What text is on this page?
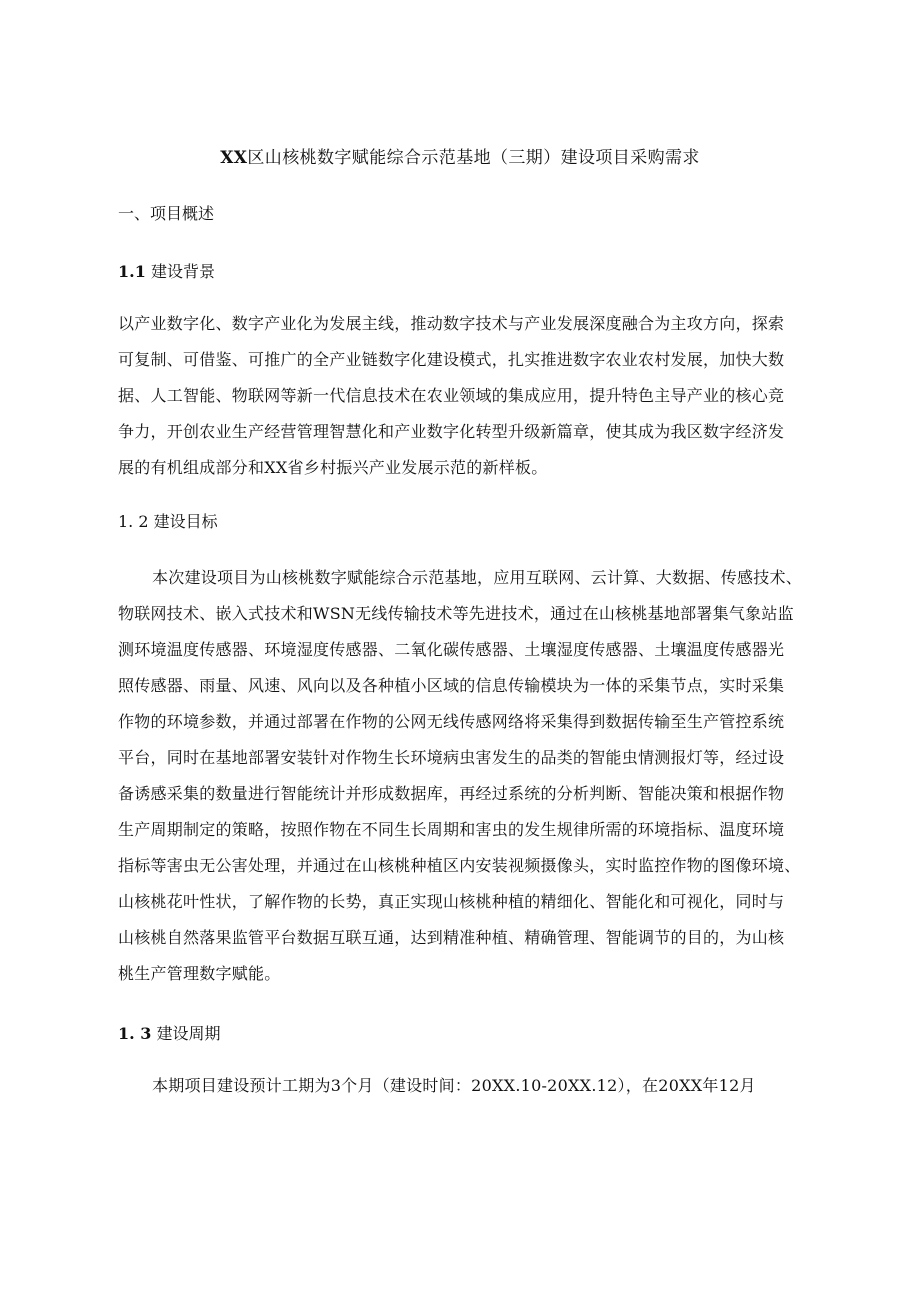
XX区山核桃数字赋能综合示范基地（三期）建设项目采购需求
一、项目概述
1.1 建设背景
以产业数字化、数字产业化为发展主线，推动数字技术与产业发展深度融合为主攻方向，探索
可复制、可借鉴、可推广的全产业链数字化建设模式，扎实推进数字农业农村发展，加快大数
据、人工智能、物联网等新一代信息技术在农业领域的集成应用，提升特色主导产业的核心竞
争力，开创农业生产经营管理智慧化和产业数字化转型升级新篇章，使其成为我区数字经济发
展的有机组成部分和XX省乡村振兴产业发展示范的新样板。
1. 2 建设目标
本次建设项目为山核桃数字赋能综合示范基地，应用互联网、云计算、大数据、传感技术、
物联网技术、嵌入式技术和WSN无线传输技术等先进技术，通过在山核桃基地部署集气象站监
测环境温度传感器、环境湿度传感器、二氧化碳传感器、土壤湿度传感器、土壤温度传感器光
照传感器、雨量、风速、风向以及各种植小区域的信息传输模块为一体的采集节点，实时采集
作物的环境参数，并通过部署在作物的公网无线传感网络将采集得到数据传输至生产管控系统
平台，同时在基地部署安装针对作物生长环境病虫害发生的品类的智能虫情测报灯等，经过设
备诱感采集的数量进行智能统计并形成数据库，再经过系统的分析判断、智能决策和根据作物
生产周期制定的策略，按照作物在不同生长周期和害虫的发生规律所需的环境指标、温度环境
指标等害虫无公害处理，并通过在山核桃种植区内安装视频摄像头，实时监控作物的图像环境、
山核桃花叶性状，了解作物的长势，真正实现山核桃种植的精细化、智能化和可视化，同时与
山核桃自然落果监管平台数据互联互通，达到精准种植、精确管理、智能调节的目的，为山核
桃生产管理数字赋能。
1. 3 建设周期
本期项目建设预计工期为3个月（建设时间：20XX.10-20XX.12），在20XX年12月
